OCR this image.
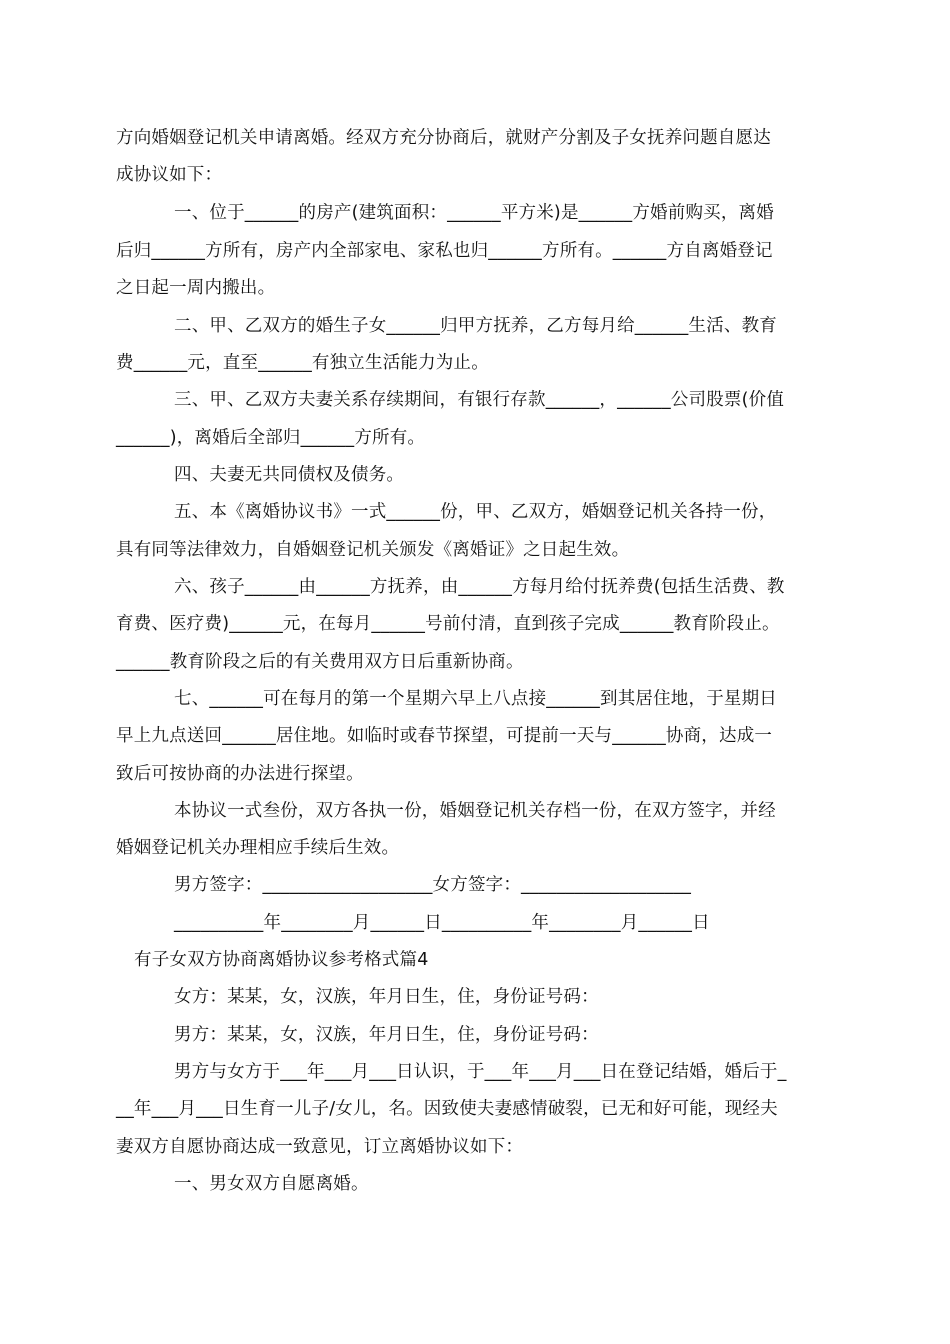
方向婚姻登记机关申请离婚。经双方充分协商后，就财产分割及子女抚养问题自愿达
成协议如下：
一、位于______的房产(建筑面积：______平方米)是______方婚前购买，离婚
后归______方所有，房产内全部家电、家私也归______方所有。______方自离婚登记
之日起一周内搬出。
二、甲、乙双方的婚生子女______归甲方抚养，乙方每月给______生活、教育
费______元，直至______有独立生活能力为止。
三、甲、乙双方夫妻关系存续期间，有银行存款______，______公司股票(价值
______)，离婚后全部归______方所有。
四、夫妻无共同债权及债务。
五、本《离婚协议书》一式______份，甲、乙双方，婚姻登记机关各持一份，
具有同等法律效力，自婚姻登记机关颁发《离婚证》之日起生效。
六、孩子______由______方抚养，由______方每月给付抚养费(包括生活费、教
育费、医疗费)______元，在每月______号前付清，直到孩子完成______教育阶段止。
______教育阶段之后的有关费用双方日后重新协商。
七、______可在每月的第一个星期六早上八点接______到其居住地，于星期日
早上九点送回______居住地。如临时或春节探望，可提前一天与______协商，达成一
致后可按协商的办法进行探望。
本协议一式叁份，双方各执一份，婚姻登记机关存档一份，在双方签字，并经
婚姻登记机关办理相应手续后生效。
男方签字：___________________女方签字：___________________
__________年________月______日__________年________月______日
有子女双方协商离婚协议参考格式篇4
女方：某某，女，汉族，年月日生，住，身份证号码：
男方：某某，女，汉族，年月日生，住，身份证号码：
男方与女方于___年___月___日认识，于___年___月___日在登记结婚，婚后于_
__年___月___日生育一儿子/女儿，名。因致使夫妻感情破裂，已无和好可能，现经夫
妻双方自愿协商达成一致意见，订立离婚协议如下：
一、男女双方自愿离婚。
